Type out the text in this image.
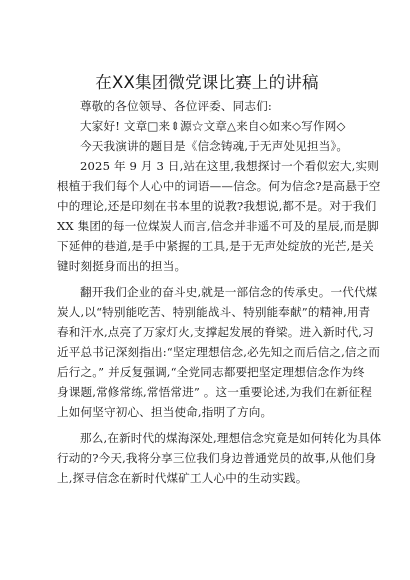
在XX集团微党课比赛上的讲稿
尊敬的各位领导、各位评委、同志们:
大家好! 文章□来⇕源☆文章△来自◇如来◇写作网◇
今天我演讲的题目是《信念铸魂,于无声处见担当》。
2025 年 9 月 3 日,站在这里,我想探讨一个看似宏大,实则
根植于我们每个人心中的词语——信念。何为信念?是高悬于空
中的理论,还是印刻在书本里的说教?我想说,都不是。对于我们
XX 集团的每一位煤炭人而言,信念并非遥不可及的星辰,而是脚
下延伸的巷道,是手中紧握的工具,是于无声处绽放的光芒,是关
键时刻挺身而出的担当。
翻开我们企业的奋斗史,就是一部信念的传承史。一代代煤
炭人,以“特别能吃苦、特别能战斗、特别能奉献”的精神,用青
春和汗水,点亮了万家灯火,支撑起发展的脊梁。进入新时代,习
近平总书记深刻指出:“坚定理想信念,必先知之而后信之,信之而
后行之。” 并反复强调,“全党同志都要把坚定理想信念作为终
身课题,常修常练,常悟常进” 。这一重要论述,为我们在新征程
上如何坚守初心、担当使命,指明了方向。
那么,在新时代的煤海深处,理想信念究竟是如何转化为具体
行动的?今天,我将分享三位我们身边普通党员的故事,从他们身
上,探寻信念在新时代煤矿工人心中的生动实践。
